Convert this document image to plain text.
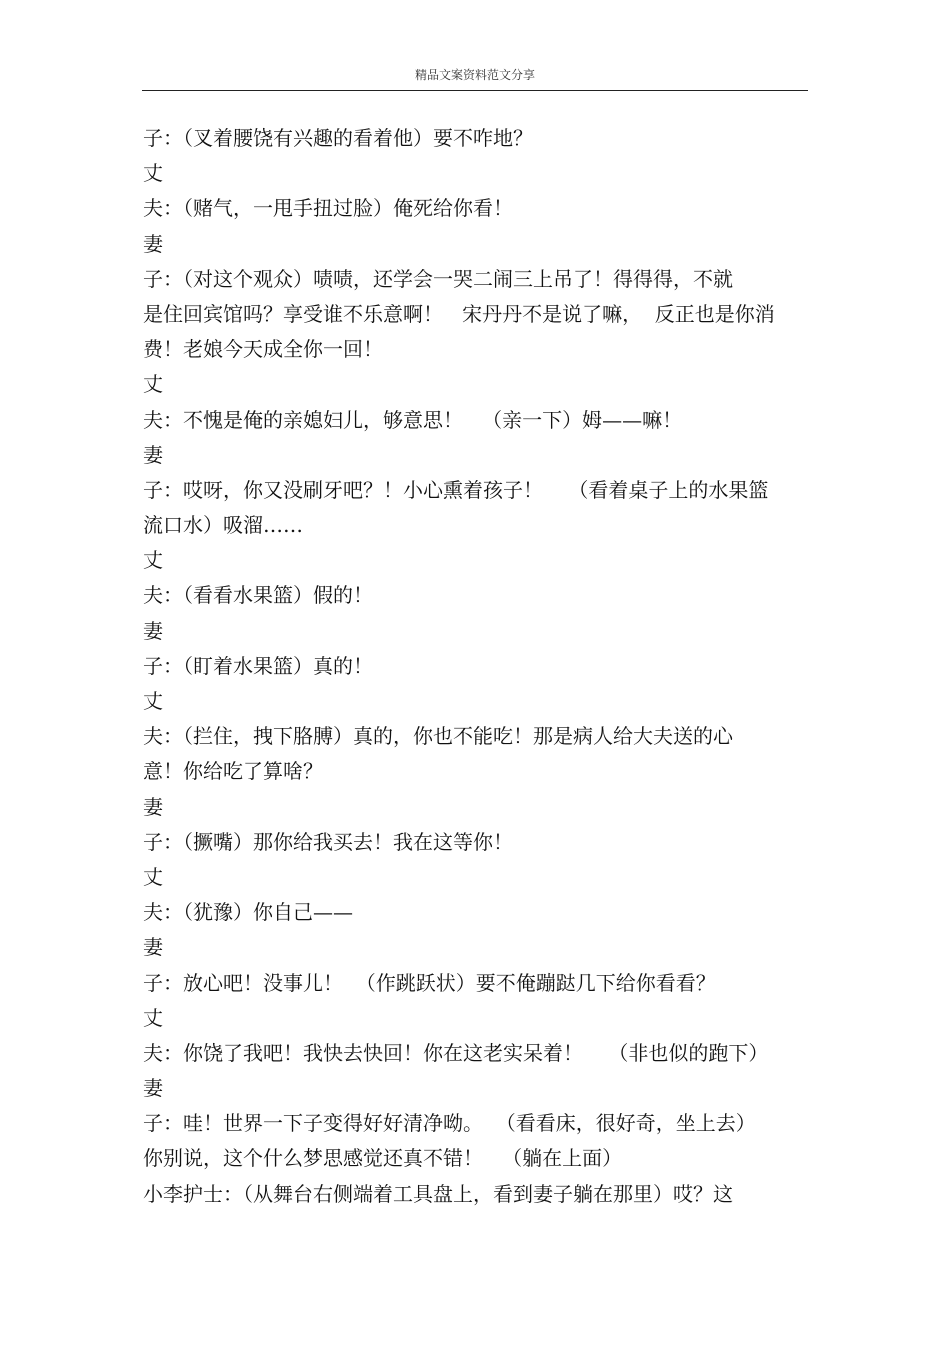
精品文案资料范文分享
子：（叉着腰饶有兴趣的看着他）要不咋地？
丈
夫：（赌气，一甩手扭过脸）俺死给你看！
妻
子：（对这个观众）啧啧，还学会一哭二闹三上吊了！得得得，不就
是住回宾馆吗？享受谁不乐意啊！   宋丹丹不是说了嘛，  反正也是你消
费！老娘今天成全你一回！
丈
夫：不愧是俺的亲媳妇儿，够意思！   （亲一下）姆——嘛！
妻
子：哎呀，你又没刷牙吧？！小心熏着孩子！    （看着桌子上的水果篮
流口水）吸溜……
丈
夫：（看看水果篮）假的！
妻
子：（盯着水果篮）真的！
丈
夫：（拦住，拽下胳膊）真的，你也不能吃！那是病人给大夫送的心
意！你给吃了算啥？
妻
子：（撅嘴）那你给我买去！我在这等你！
丈
夫：（犹豫）你自己——
妻
子：放心吧！没事儿！  （作跳跃状）要不俺蹦跶几下给你看看？
丈
夫：你饶了我吧！我快去快回！你在这老实呆着！    （非也似的跑下）
妻
子：哇！世界一下子变得好好清净呦。  （看看床，很好奇，坐上去）
你别说，这个什么梦思感觉还真不错！   （躺在上面）
小李护士：（从舞台右侧端着工具盘上，看到妻子躺在那里）哎？这
